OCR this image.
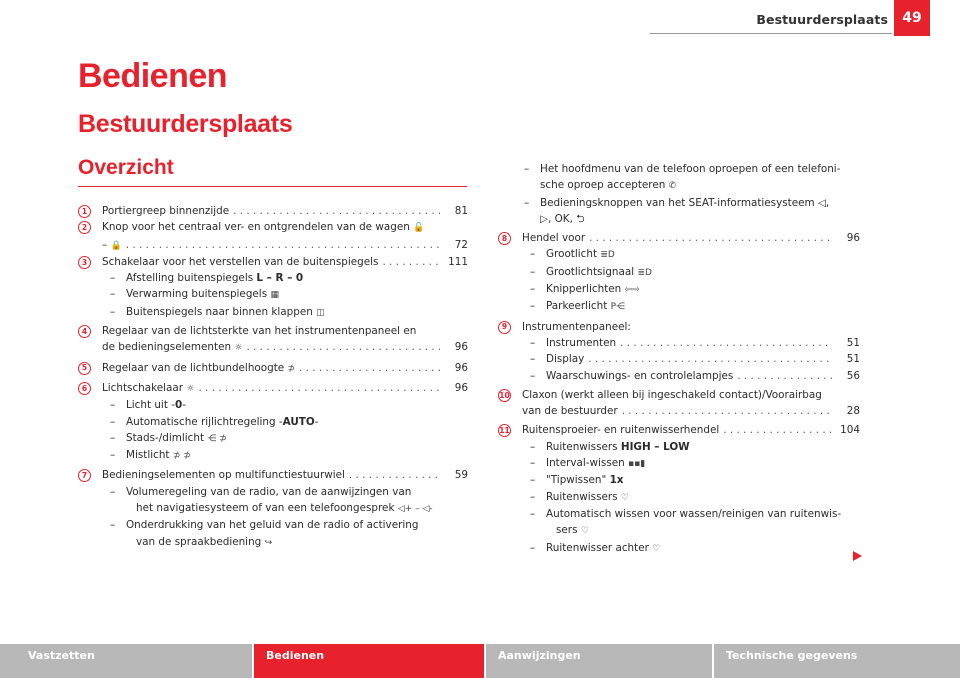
Bestuurdersplaats	49
Bedienen
Bestuurdersplaats
Overzicht
1	Portiergreep binnenzijde . . .	81
2	Knop voor het centraal ver- en ontgrendelen van de wagen 🔓
– 🔒 . . .	72
3	Schakelaar voor het verstellen van de buitenspiegels . . .	111
– Afstelling buitenspiegels L – R – 0
– Verwarming buitenspiegels ▦
– Buitenspiegels naar binnen klappen ◫
4	Regelaar van de lichtsterkte van het instrumentenpaneel en
de bedieningselementen ☼ . . .	96
5	Regelaar van de lichtbundelhoogte ⊅ . . .	96
6	Lichtschakelaar ☼ . . .	96
– Licht uit -0-
– Automatische rijlichtregeling -AUTO-
– Stads-/dimlicht ⋲ ⊅
– Mistlicht ⊅ ⊅
7	Bedieningselementen op multifunctiestuurwiel . . .	59
– Volumeregeling van de radio, van de aanwijzingen van
het navigatiesysteem of van een telefoongesprek ◁+ – ◁-
– Onderdrukking van het geluid van de radio of activering
van de spraakbediening ↪
– Het hoofdmenu van de telefoon oproepen of een telefoni-
sche oproep accepteren ✆
– Bedieningsknoppen van het SEAT-informatiesysteem ◁,
▷, OK, ⮌
8	Hendel voor . . .	96
– Grootlicht ≣D
– Grootlichtsignaal ≣D
– Knipperlichten ⇦⇨
– Parkeerlicht P⋲
9	Instrumentenpaneel:
– Instrumenten . . .	51
– Display . . .	51
– Waarschuwings- en controlelampjes . . .	56
10 Claxon (werkt alleen bij ingeschakeld contact)/Voorairbag
van de bestuurder . . .	28
11 Ruitensproeier- en ruitenwisserhendel . . .	104
– Ruitenwissers HIGH – LOW
– Interval-wissen ▪▪▮
– "Tipwissen" 1x
– Ruitenwissers ♡
– Automatisch wissen voor wassen/reinigen van ruitenwis-
sers ♡
– Ruitenwisser achter ♡
Vastzetten	Bedienen	Aanwijzingen	Technische gegevens
